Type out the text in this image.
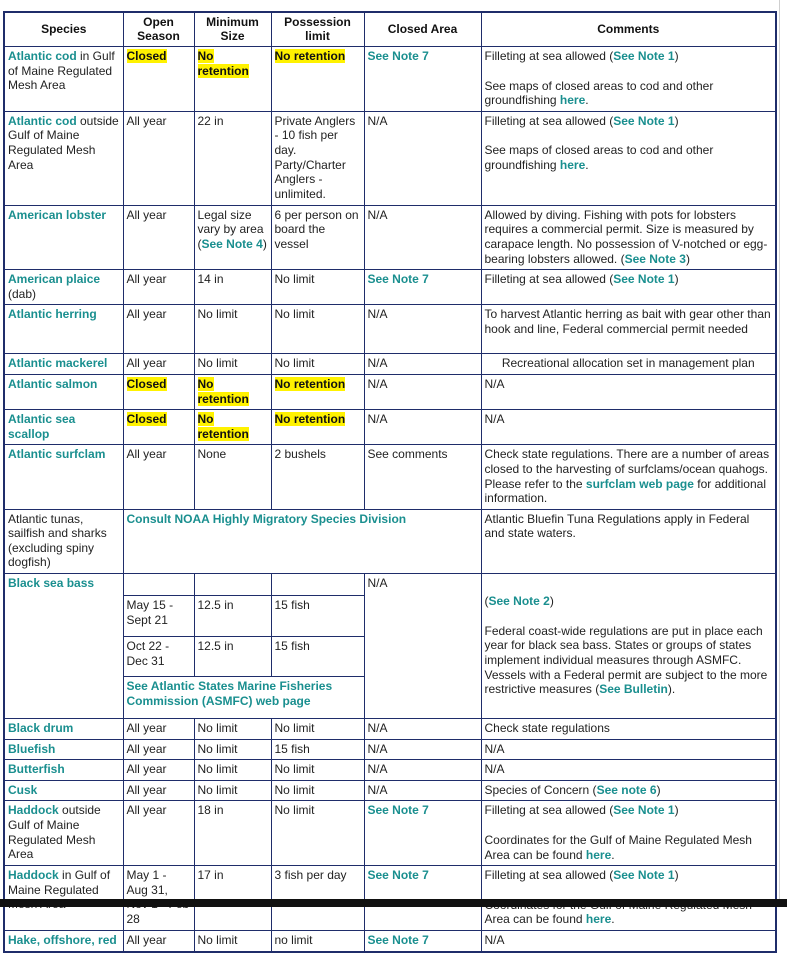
Species	Open Season	Minimum Size	Possession limit	Closed Area	Comments
Atlantic cod in Gulf of Maine Regulated Mesh Area	Closed	No retention	No retention	See Note 7	Filleting at sea allowed (See Note 1)
See maps of closed areas to cod and other groundfishing here.
Atlantic cod outside Gulf of Maine Regulated Mesh Area	All year	22 in	Private Anglers - 10 fish per day. Party/Charter Anglers - unlimited.	N/A	Filleting at sea allowed (See Note 1)
See maps of closed areas to cod and other groundfishing here.
American lobster	All year	Legal size vary by area (See Note 4)	6 per person on board the vessel	N/A	Allowed by diving. Fishing with pots for lobsters requires a commercial permit. Size is measured by carapace length. No possession of V-notched or egg-bearing lobsters allowed. (See Note 3)
American plaice (dab)	All year	14 in	No limit	See Note 7	Filleting at sea allowed (See Note 1)
Atlantic herring	All year	No limit	No limit	N/A	To harvest Atlantic herring as bait with gear other than hook and line, Federal commercial permit needed
Atlantic mackerel	All year	No limit	No limit	N/A	Recreational allocation set in management plan
Atlantic salmon	Closed	No retention	No retention	N/A	N/A
Atlantic sea scallop	Closed	No retention	No retention	N/A	N/A
Atlantic surfclam	All year	None	2 bushels	See comments	Check state regulations. There are a number of areas closed to the harvesting of surfclams/ocean quahogs. Please refer to the surfclam web page for additional information.
Atlantic tunas, sailfish and sharks (excluding spiny dogfish)	Consult NOAA Highly Migratory Species Division				Atlantic Bluefin Tuna Regulations apply in Federal and state waters.
Black sea bass				N/A	(See Note 2)
Federal coast-wide regulations are put in place each year for black sea bass. States or groups of states implement individual measures through ASMFC. Vessels with a Federal permit are subject to the more restrictive measures (See Bulletin).
	May 15 - Sept 21	12.5 in	15 fish		
	Oct 22 - Dec 31	12.5 in	15 fish		
	See Atlantic States Marine Fisheries Commission (ASMFC) web page				
Black drum	All year	No limit	No limit	N/A	Check state regulations
Bluefish	All year	No limit	15 fish	N/A	N/A
Butterfish	All year	No limit	No limit	N/A	N/A
Cusk	All year	No limit	No limit	N/A	Species of Concern (See note 6)
Haddock outside Gulf of Maine Regulated Mesh Area	All year	18 in	No limit	See Note 7	Filleting at sea allowed (See Note 1)
Coordinates for the Gulf of Maine Regulated Mesh Area can be found here.
Haddock in Gulf of Maine Regulated	May 1 - Aug 31, 28	17 in	3 fish per day	See Note 7	Filleting at sea allowed (See Note 1)
Area can be found here.
Hake, offshore, red	All year	No limit	no limit	See Note 7	N/A
